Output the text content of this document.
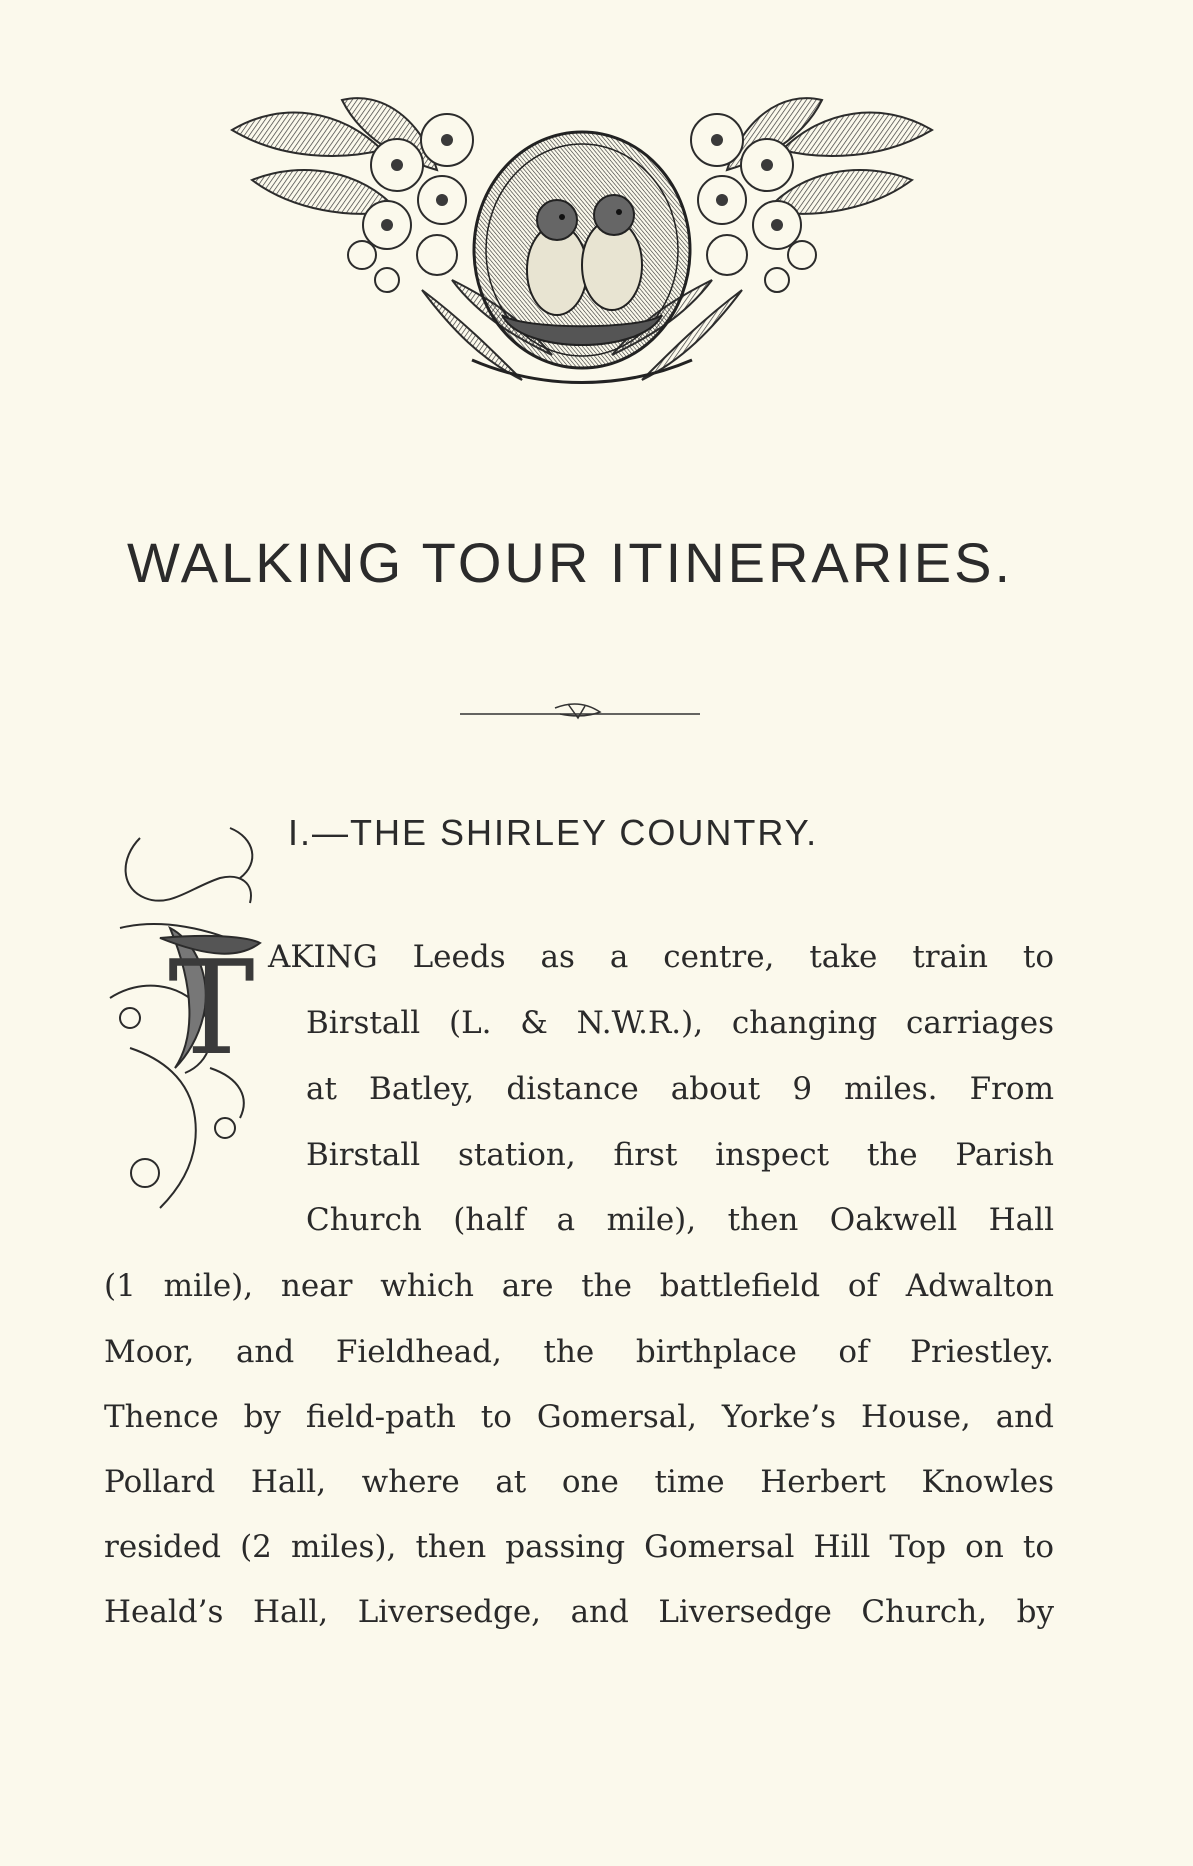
WALKING TOUR ITINERARIES.
T
I.—THE SHIRLEY COUNTRY.
AKING Leeds as a centre, take train to
Birstall (L. & N.W.R.), changing carriages
at Batley, distance about 9 miles. From
Birstall station, first inspect the Parish
Church (half a mile), then Oakwell Hall
(1 mile), near which are the battlefield of Adwalton
Moor, and Fieldhead, the birthplace of Priestley.
Thence by field-path to Gomersal, Yorke’s House, and
Pollard Hall, where at one time Herbert Knowles
resided (2 miles), then passing Gomersal Hill Top on to
Heald’s Hall, Liversedge, and Liversedge Church, by
